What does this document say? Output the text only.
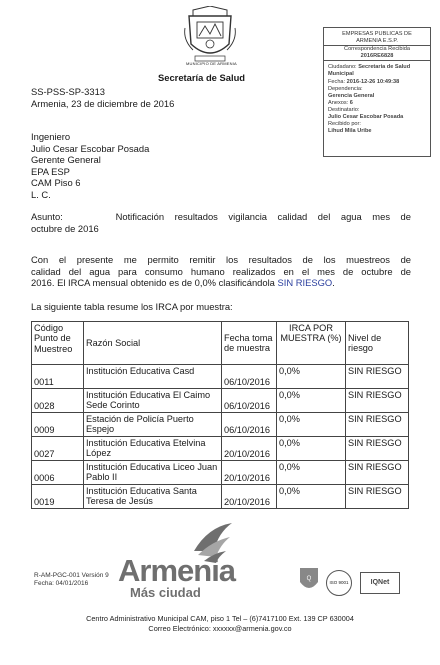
MUNICIPIO DE ARMENIA
Secretaría de Salud
EMPRESAS PÚBLICAS DE
ARMENIA E.S.P.
Correspondencia Recibida
2016RE6828
Ciudadano: Secretaria de Salud
Municipal
Fecha: 2016-12-26 10:49:38
Dependencia:
Gerencia General
Anexos: 6
Destinatario:
Julio Cesar Escobar Posada
Recibido por:
Lihud Mila Uribe
SS-PSS-SP-3313
Armenia, 23 de diciembre de 2016
Ingeniero
Julio Cesar Escobar Posada
Gerente General
EPA ESP
CAM Piso 6
L. C.
Asunto:	Notificación resultados vigilancia calidad del agua mes de
octubre de 2016
Con el presente me permito remitir los resultados de los muestreos de
calidad del agua para consumo humano realizados en el mes de octubre de
2016. El IRCA mensual obtenido es de 0,0% clasificándola SIN RIESGO.
La siguiente tabla resume los IRCA por muestra:
Código Punto de Muestreo	Razón Social	Fecha toma de muestra	IRCA POR MUESTRA (%)	Nivel de riesgo
0011	Institución Educativa Casd	06/10/2016	0,0%	SIN RIESGO
0028	Institución Educativa El Caimo Sede Corinto	06/10/2016	0,0%	SIN RIESGO
0009	Estación de Policía Puerto Espejo	06/10/2016	0,0%	SIN RIESGO
0027	Institución Educativa Etelvina López	20/10/2016	0,0%	SIN RIESGO
0006	Institución Educativa Liceo Juan Pablo II	20/10/2016	0,0%	SIN RIESGO
0019	Institución Educativa Santa Teresa de Jesús	20/10/2016	0,0%	SIN RIESGO
Armenia
Más ciudad
R-AM-PGC-001 Versión 9
Fecha: 04/01/2016
Q
ISO 9001	IQNet
Centro Administrativo Municipal CAM, piso 1 Tel – (6)7417100 Ext. 139 CP 630004
Correo Electrónico: xxxxxx@armenia.gov.co
